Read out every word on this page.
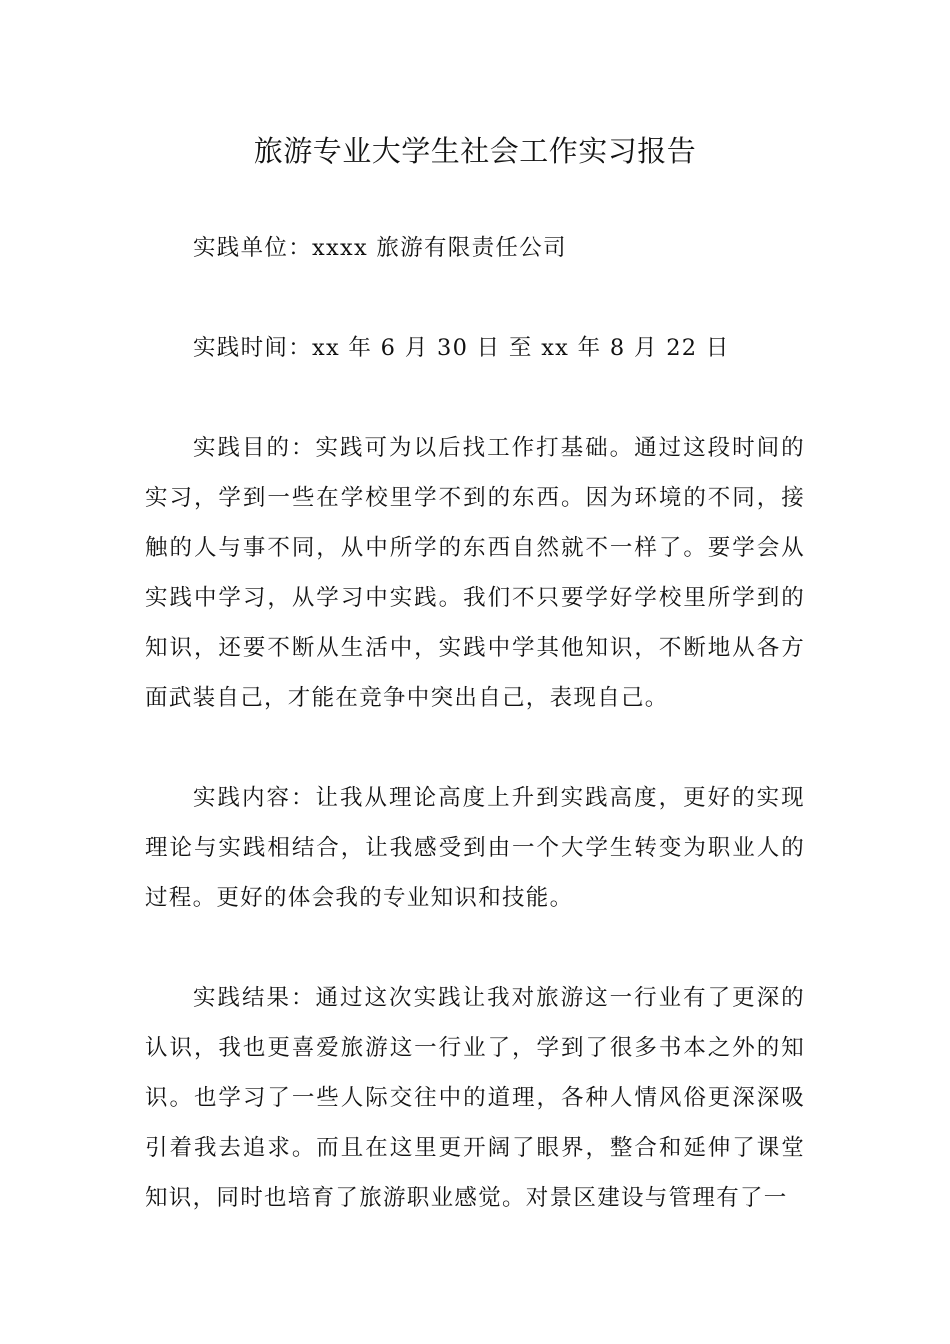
旅游专业大学生社会工作实习报告

实践单位：xxxx 旅游有限责任公司

实践时间：xx 年 6 月 30 日 至 xx 年 8 月 22 日

实践目的：实践可为以后找工作打基础。通过这段时间的实习，学到一些在学校里学不到的东西。因为环境的不同，接触的人与事不同，从中所学的东西自然就不一样了。要学会从实践中学习，从学习中实践。我们不只要学好学校里所学到的知识，还要不断从生活中，实践中学其他知识，不断地从各方面武装自己，才能在竞争中突出自己，表现自己。

实践内容：让我从理论高度上升到实践高度，更好的实现理论与实践相结合，让我感受到由一个大学生转变为职业人的过程。更好的体会我的专业知识和技能。

实践结果：通过这次实践让我对旅游这一行业有了更深的认识，我也更喜爱旅游这一行业了，学到了很多书本之外的知识。也学习了一些人际交往中的道理，各种人情风俗更深深吸引着我去追求。而且在这里更开阔了眼界，整合和延伸了课堂知识，同时也培育了旅游职业感觉。对景区建设与管理有了一
